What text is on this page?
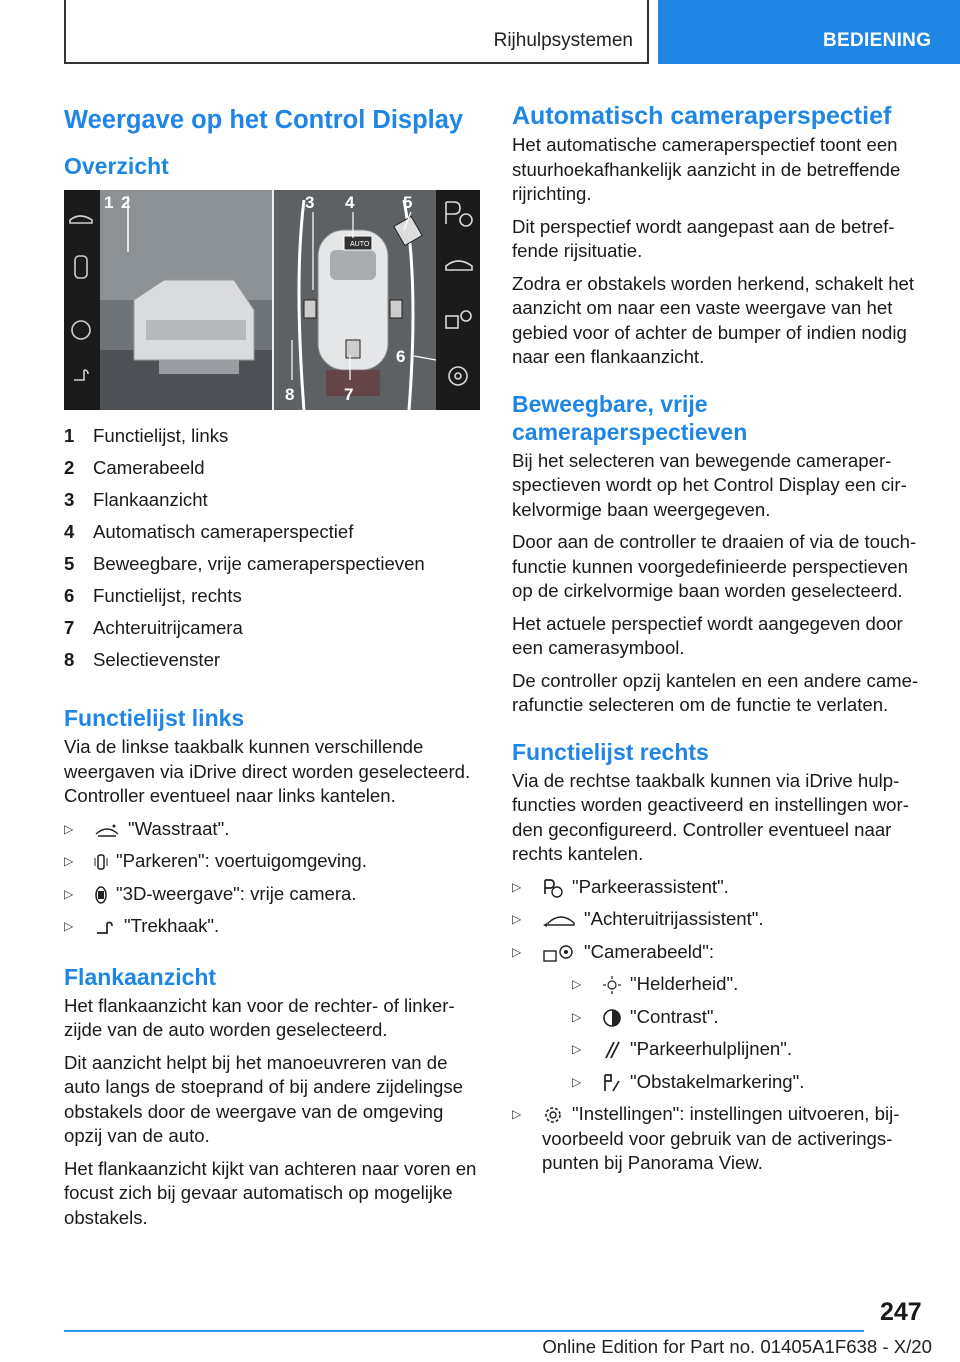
Rijhulpsystemen	BEDIENING
Weergave op het Control Display
Overzicht
AUTO
1 2	3 4	5
6
7
8
1	Functielijst, links
2	Camerabeeld
3	Flankaanzicht
4	Automatisch cameraperspectief
5	Beweegbare, vrije cameraperspectieven
6	Functielijst, rechts
7	Achteruitrijcamera
8	Selectievenster
Functielijst links

Via de linkse taakbalk kunnen verschillende weergaven via iDrive direct worden geselecteerd. Controller eventueel naar links kantelen.

▷	"Wasstraat".
▷ "Parkeren": voertuigomgeving.
▷ "3D-weergave": vrije camera.
▷	"Trekhaak".
Flankaanzicht

Het flankaanzicht kan voor de rechter- of linkerzijde van de auto worden geselecteerd.

Dit aanzicht helpt bij het manoeuvreren van de auto langs de stoeprand of bij andere zijdelingse obstakels door de weergave van de omgeving opzij van de auto.

Het flankaanzicht kijkt van achteren naar voren en focust zich bij gevaar automatisch op mogelijke obstakels.

Automatisch cameraperspectief

Het automatische cameraperspectief toont een stuurhoekafhankelijk aanzicht in de betreffende rijrichting.

Dit perspectief wordt aangepast aan de betreffende rijsituatie.

Zodra er obstakels worden herkend, schakelt het aanzicht om naar een vaste weergave van het gebied voor of achter de bumper of indien nodig naar een flankaanzicht.

Beweegbare, vrije cameraperspectieven

Bij het selecteren van bewegende cameraperspectieven wordt op het Control Display een cirkelvormige baan weergegeven.

Door aan de controller te draaien of via de touchfunctie kunnen voorgedefinieerde perspectieven op de cirkelvormige baan worden geselecteerd.

Het actuele perspectief wordt aangegeven door een camerasymbool.

De controller opzij kantelen en een andere camerafunctie selecteren om de functie te verlaten.

Functielijst rechts

Via de rechtse taakbalk kunnen via iDrive hulpfuncties worden geactiveerd en instellingen worden geconfigureerd. Controller eventueel naar rechts kantelen.

▷	"Parkeerassistent".
▷	"Achteruitrijassistent".
▷	"Camerabeeld":
▷	"Helderheid".
▷	"Contrast".
▷	"Parkeerhulplijnen".
▷	"Obstakelmarkering".
▷	"Instellingen": instellingen uitvoeren, bijvoorbeeld voor gebruik van de activeringspunten bij Panorama View.
247
Online Edition for Part no. 01405A1F638 - X/20
